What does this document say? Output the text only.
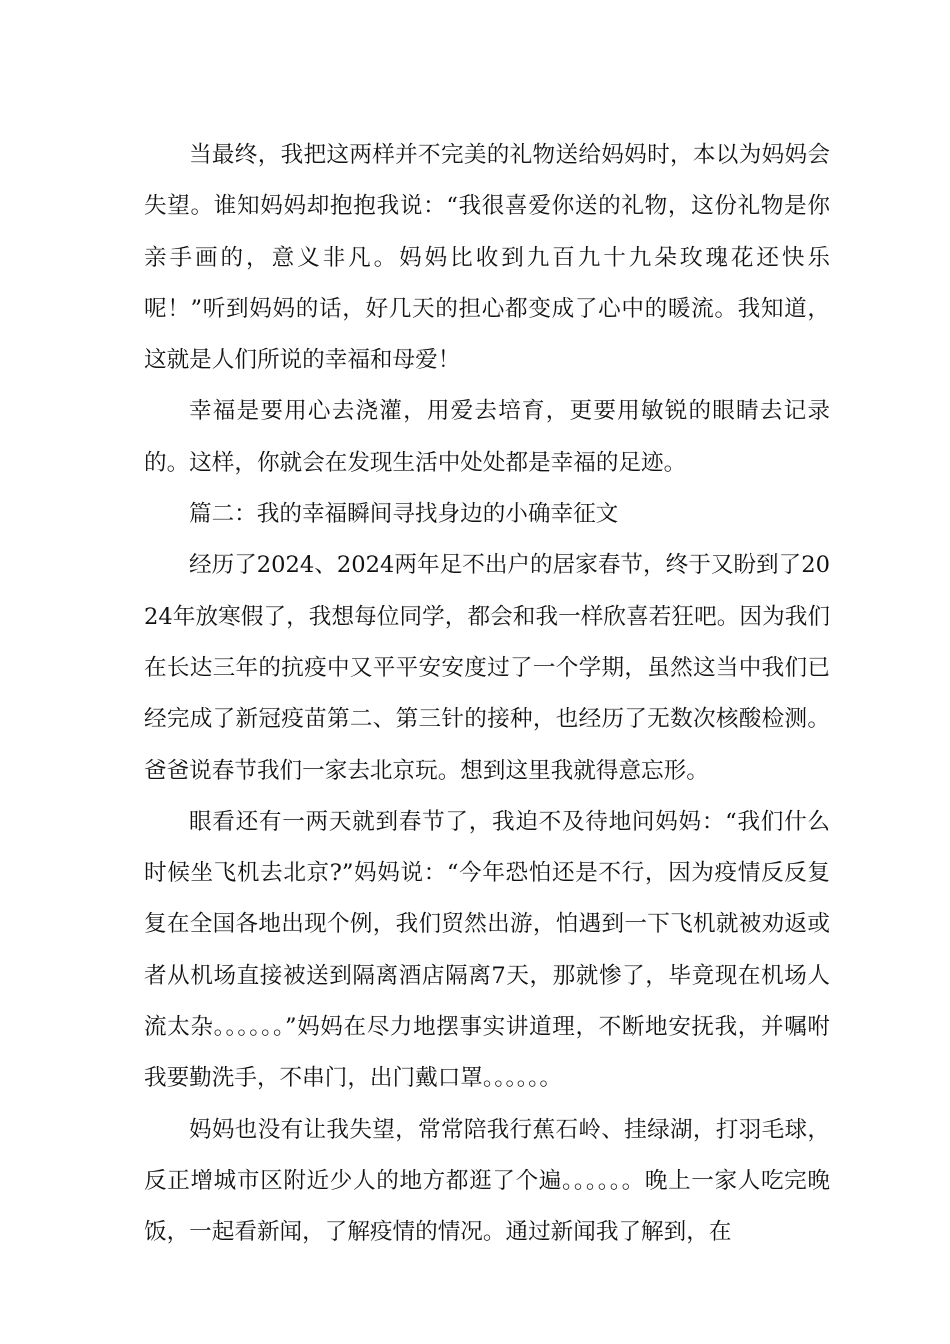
当最终，我把这两样并不完美的礼物送给妈妈时，本以为妈妈会失望。谁知妈妈却抱抱我说：“我很喜爱你送的礼物，这份礼物是你亲手画的，意义非凡。妈妈比收到九百九十九朵玫瑰花还快乐呢！”听到妈妈的话，好几天的担心都变成了心中的暖流。我知道，这就是人们所说的幸福和母爱！

幸福是要用心去浇灌，用爱去培育，更要用敏锐的眼睛去记录的。这样，你就会在发现生活中处处都是幸福的足迹。

篇二：我的幸福瞬间寻找身边的小确幸征文

经历了2024、2024两年足不出户的居家春节，终于又盼到了2024年放寒假了，我想每位同学，都会和我一样欣喜若狂吧。因为我们在长达三年的抗疫中又平平安安度过了一个学期，虽然这当中我们已经完成了新冠疫苗第二、第三针的接种，也经历了无数次核酸检测。爸爸说春节我们一家去北京玩。想到这里我就得意忘形。

眼看还有一两天就到春节了，我迫不及待地问妈妈：“我们什么时候坐飞机去北京?”妈妈说：“今年恐怕还是不行，因为疫情反反复复在全国各地出现个例，我们贸然出游，怕遇到一下飞机就被劝返或者从机场直接被送到隔离酒店隔离7天，那就惨了，毕竟现在机场人流太杂。。。。。。”妈妈在尽力地摆事实讲道理，不断地安抚我，并嘱咐我要勤洗手，不串门，出门戴口罩。。。。。。

妈妈也没有让我失望，常常陪我行蕉石岭、挂绿湖，打羽毛球，反正增城市区附近少人的地方都逛了个遍。。。。。。晚上一家人吃完晚饭，一起看新闻，了解疫情的情况。通过新闻我了解到，在
